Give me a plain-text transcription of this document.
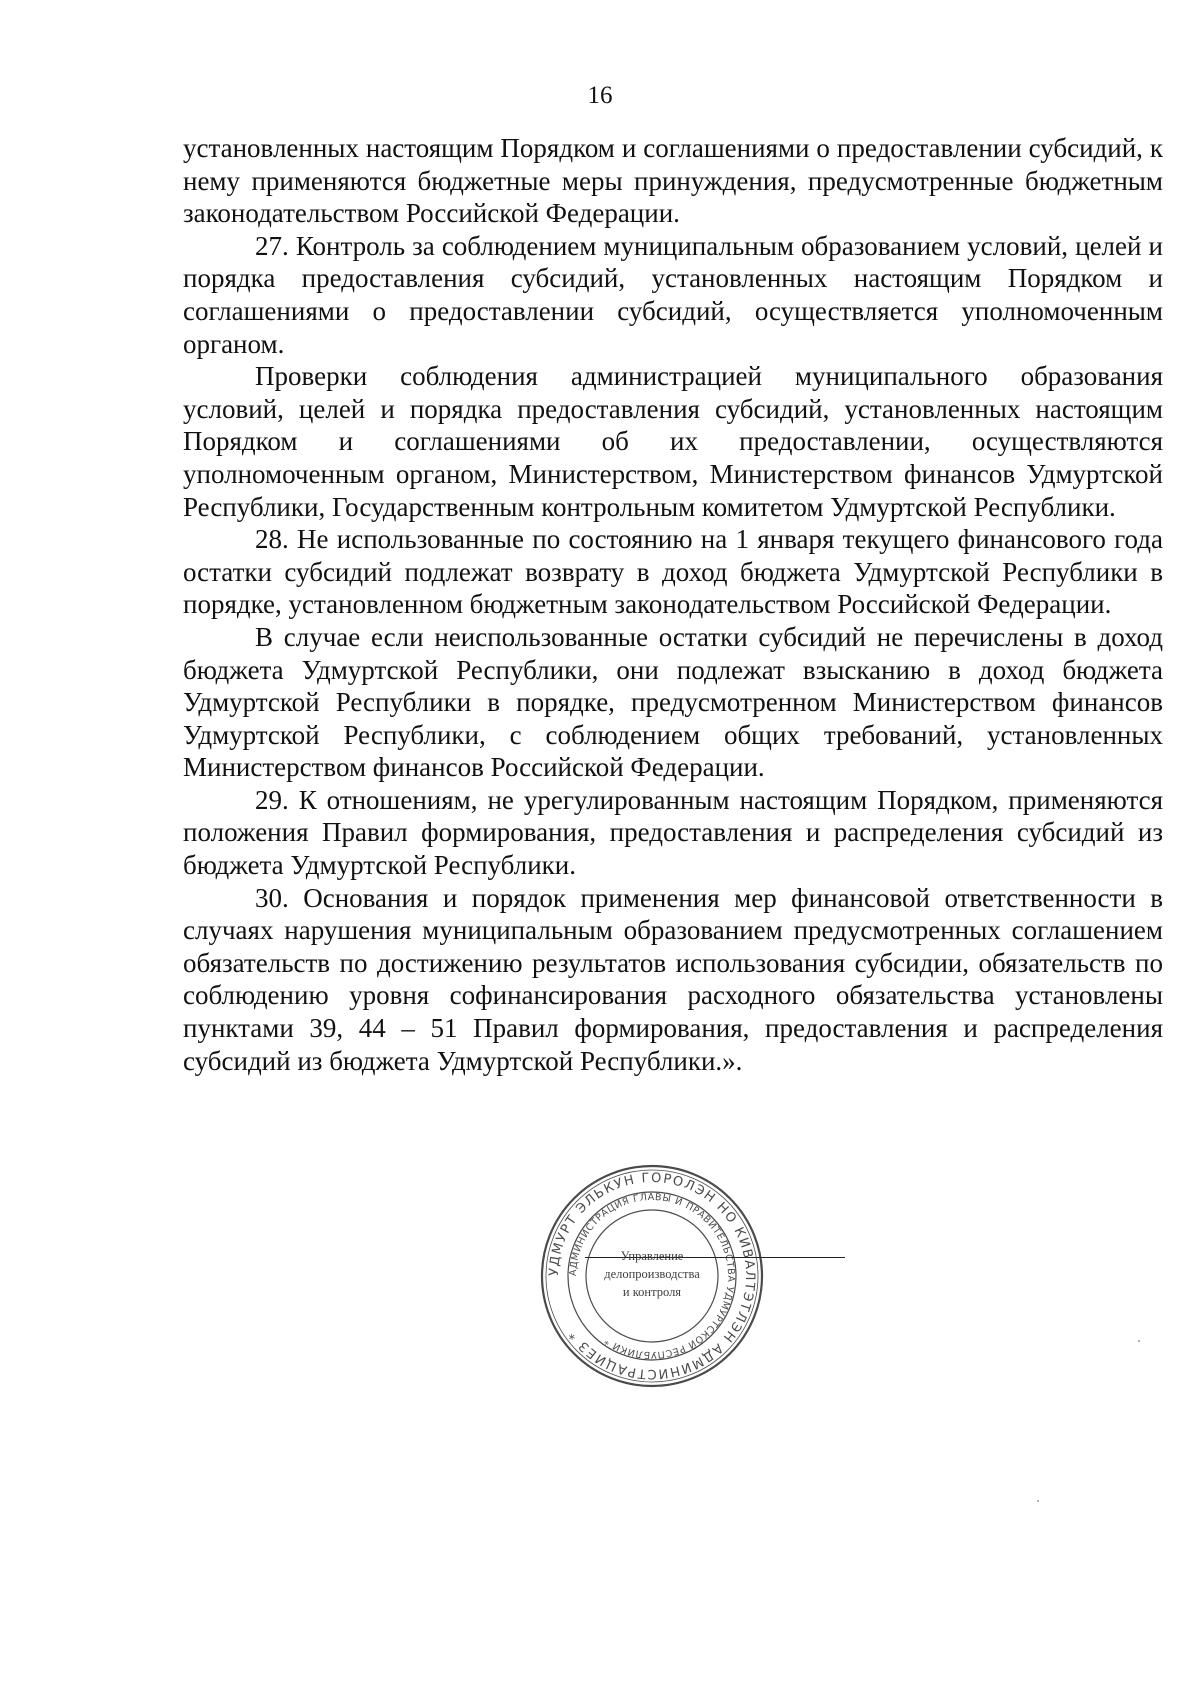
16

установленных настоящим Порядком и соглашениями о предоставлении субсидий, к нему применяются бюджетные меры принуждения, предусмотренные бюджетным законодательством Российской Федерации.

27. Контроль за соблюдением муниципальным образованием условий, целей и порядка предоставления субсидий, установленных настоящим Порядком и соглашениями о предоставлении субсидий, осуществляется уполномоченным органом.

Проверки соблюдения администрацией муниципального образования условий, целей и порядка предоставления субсидий, установленных настоящим Порядком и соглашениями об их предоставлении, осуществляются уполномоченным органом, Министерством, Министерством финансов Удмуртской Республики, Государственным контрольным комитетом Удмуртской Республики.

28. Не использованные по состоянию на 1 января текущего финансового года остатки субсидий подлежат возврату в доход бюджета Удмуртской Республики в порядке, установленном бюджетным законодательством Российской Федерации.

В случае если неиспользованные остатки субсидий не перечислены в доход бюджета Удмуртской Республики, они подлежат взысканию в доход бюджета Удмуртской Республики в порядке, предусмотренном Министерством финансов Удмуртской Республики, с соблюдением общих требований, установленных Министерством финансов Российской Федерации.

29. К отношениям, не урегулированным настоящим Порядком, применяются положения Правил формирования, предоставления и распределения субсидий из бюджета Удмуртской Республики.

30. Основания и порядок применения мер финансовой ответственности в случаях нарушения муниципальным образованием предусмотренных соглашением обязательств по достижению результатов использования субсидии, обязательств по соблюдению уровня софинансирования расходного обязательства установлены пунктами 39, 44 – 51 Правил формирования, предоставления и распределения субсидий из бюджета Удмуртской Республики.».

УДМУРТ ЭЛЬКУН ГОРОЛЭН НО КИВАЛТЭТЛЭН АДМИНИСТРАЦИЕЗ *
АДМИНИСТРАЦИЯ ГЛАВЫ И ПРАВИТЕЛЬСТВА УДМУРТСКОЙ РЕСПУБЛИКИ *
Управление
делопроизводства
и контроля
